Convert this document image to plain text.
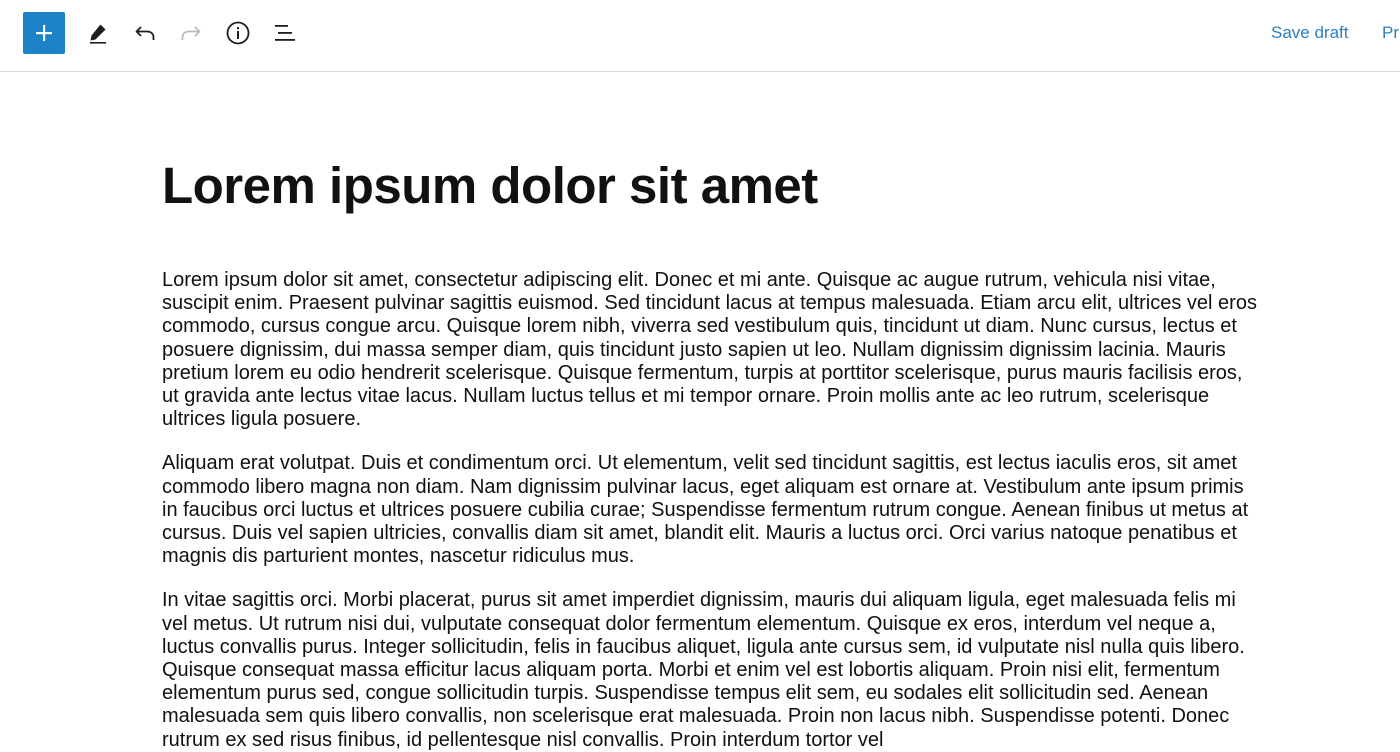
Save draft	Pr
Lorem ipsum dolor sit amet

Lorem ipsum dolor sit amet, consectetur adipiscing elit. Donec et mi ante. Quisque ac augue rutrum, vehicula nisi vitae, suscipit enim. Praesent pulvinar sagittis euismod. Sed tincidunt lacus at tempus malesuada. Etiam arcu elit, ultrices vel eros commodo, cursus congue arcu. Quisque lorem nibh, viverra sed vestibulum quis, tincidunt ut diam. Nunc cursus, lectus et posuere dignissim, dui massa semper diam, quis tincidunt justo sapien ut leo. Nullam dignissim dignissim lacinia. Mauris pretium lorem eu odio hendrerit scelerisque. Quisque fermentum, turpis at porttitor scelerisque, purus mauris facilisis eros, ut gravida ante lectus vitae lacus. Nullam luctus tellus et mi tempor ornare. Proin mollis ante ac leo rutrum, scelerisque ultrices ligula posuere.

Aliquam erat volutpat. Duis et condimentum orci. Ut elementum, velit sed tincidunt sagittis, est lectus iaculis eros, sit amet commodo libero magna non diam. Nam dignissim pulvinar lacus, eget aliquam est ornare at. Vestibulum ante ipsum primis in faucibus orci luctus et ultrices posuere cubilia curae; Suspendisse fermentum rutrum congue. Aenean finibus ut metus at cursus. Duis vel sapien ultricies, convallis diam sit amet, blandit elit. Mauris a luctus orci. Orci varius natoque penatibus et magnis dis parturient montes, nascetur ridiculus mus.

In vitae sagittis orci. Morbi placerat, purus sit amet imperdiet dignissim, mauris dui aliquam ligula, eget malesuada felis mi vel metus. Ut rutrum nisi dui, vulputate consequat dolor fermentum elementum. Quisque ex eros, interdum vel neque a, luctus convallis purus. Integer sollicitudin, felis in faucibus aliquet, ligula ante cursus sem, id vulputate nisl nulla quis libero. Quisque consequat massa efficitur lacus aliquam porta. Morbi et enim vel est lobortis aliquam. Proin nisi elit, fermentum elementum purus sed, congue sollicitudin turpis. Suspendisse tempus elit sem, eu sodales elit sollicitudin sed. Aenean malesuada sem quis libero convallis, non scelerisque erat malesuada. Proin non lacus nibh. Suspendisse potenti. Donec rutrum ex sed risus finibus, id pellentesque nisl convallis. Proin interdum tortor vel
